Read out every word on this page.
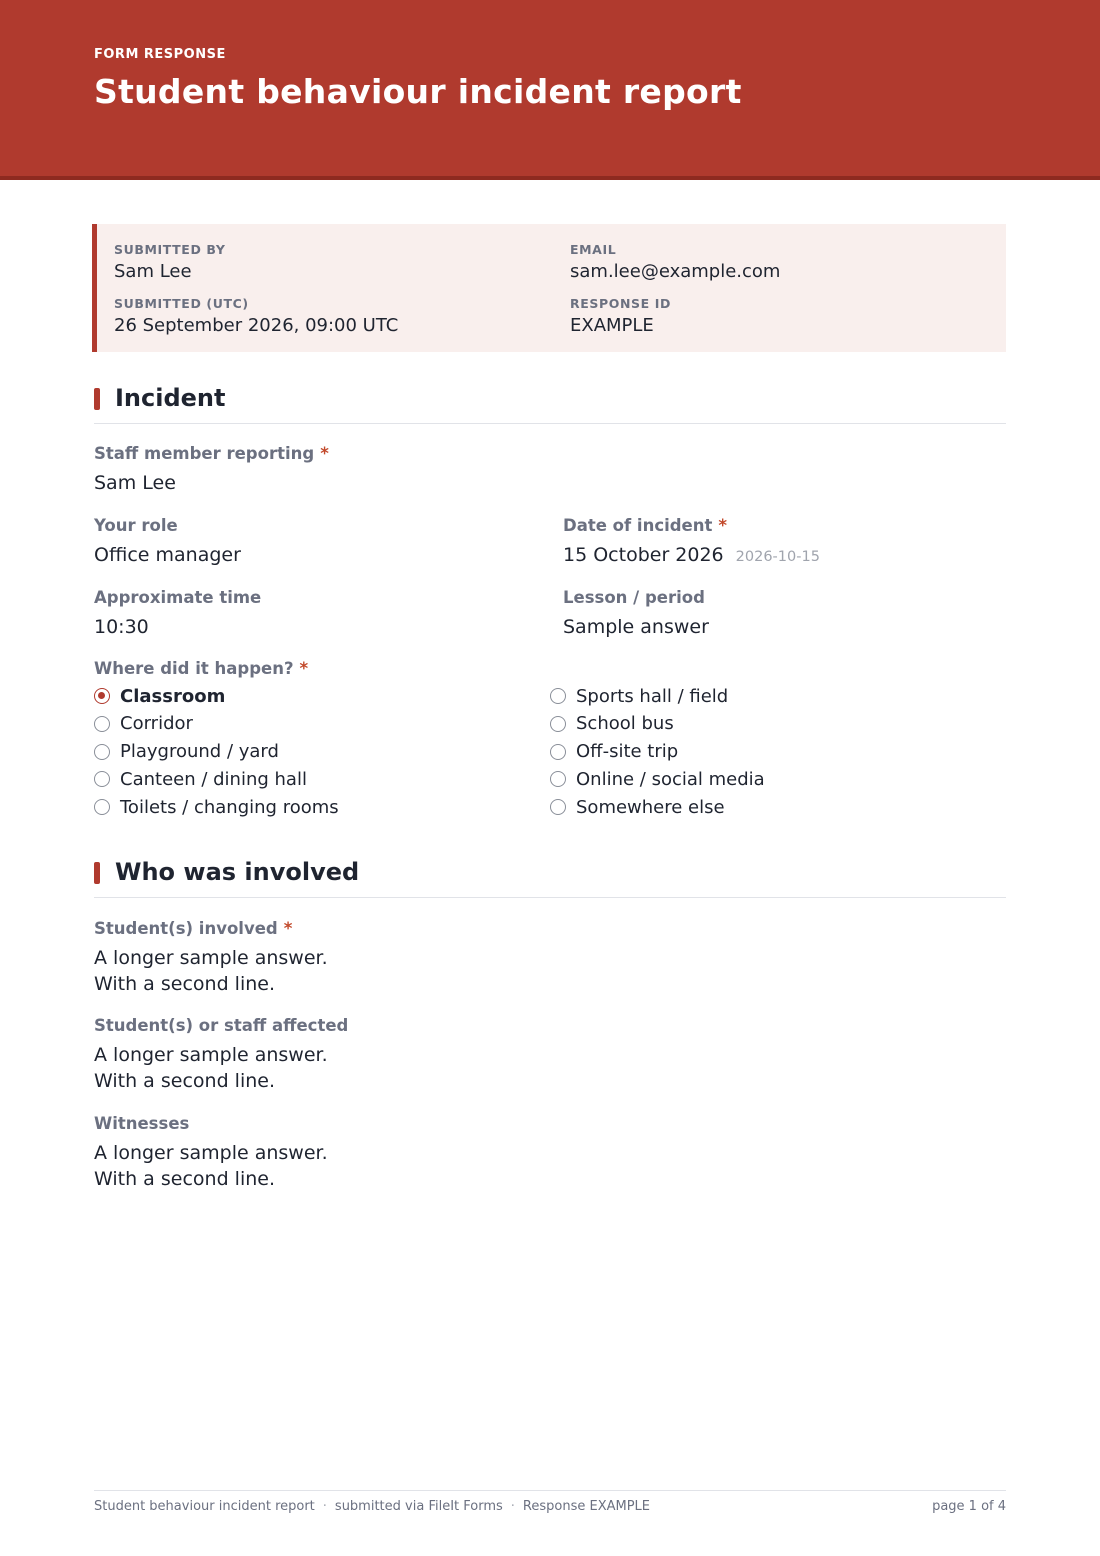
FORM RESPONSE
Student behaviour incident report
SUBMITTED BY
Sam Lee
EMAIL
sam.lee@example.com
SUBMITTED (UTC)
26 September 2026, 09:00 UTC
RESPONSE ID
EXAMPLE
Incident
Staff member reporting *
Sam Lee
Your role
Office manager
Date of incident *
15 October 2026 2026-10-15
Approximate time
10:30
Lesson / period
Sample answer
Where did it happen? *
Classroom
Corridor
Playground / yard
Canteen / dining hall
Toilets / changing rooms
Sports hall / field
School bus
Off-site trip
Online / social media
Somewhere else
Who was involved
Student(s) involved *
A longer sample answer.
With a second line.
Student(s) or staff affected
A longer sample answer.
With a second line.
Witnesses
A longer sample answer.
With a second line.
Student behaviour incident report · submitted via FileIt Forms · Response EXAMPLE	page 1 of 4
